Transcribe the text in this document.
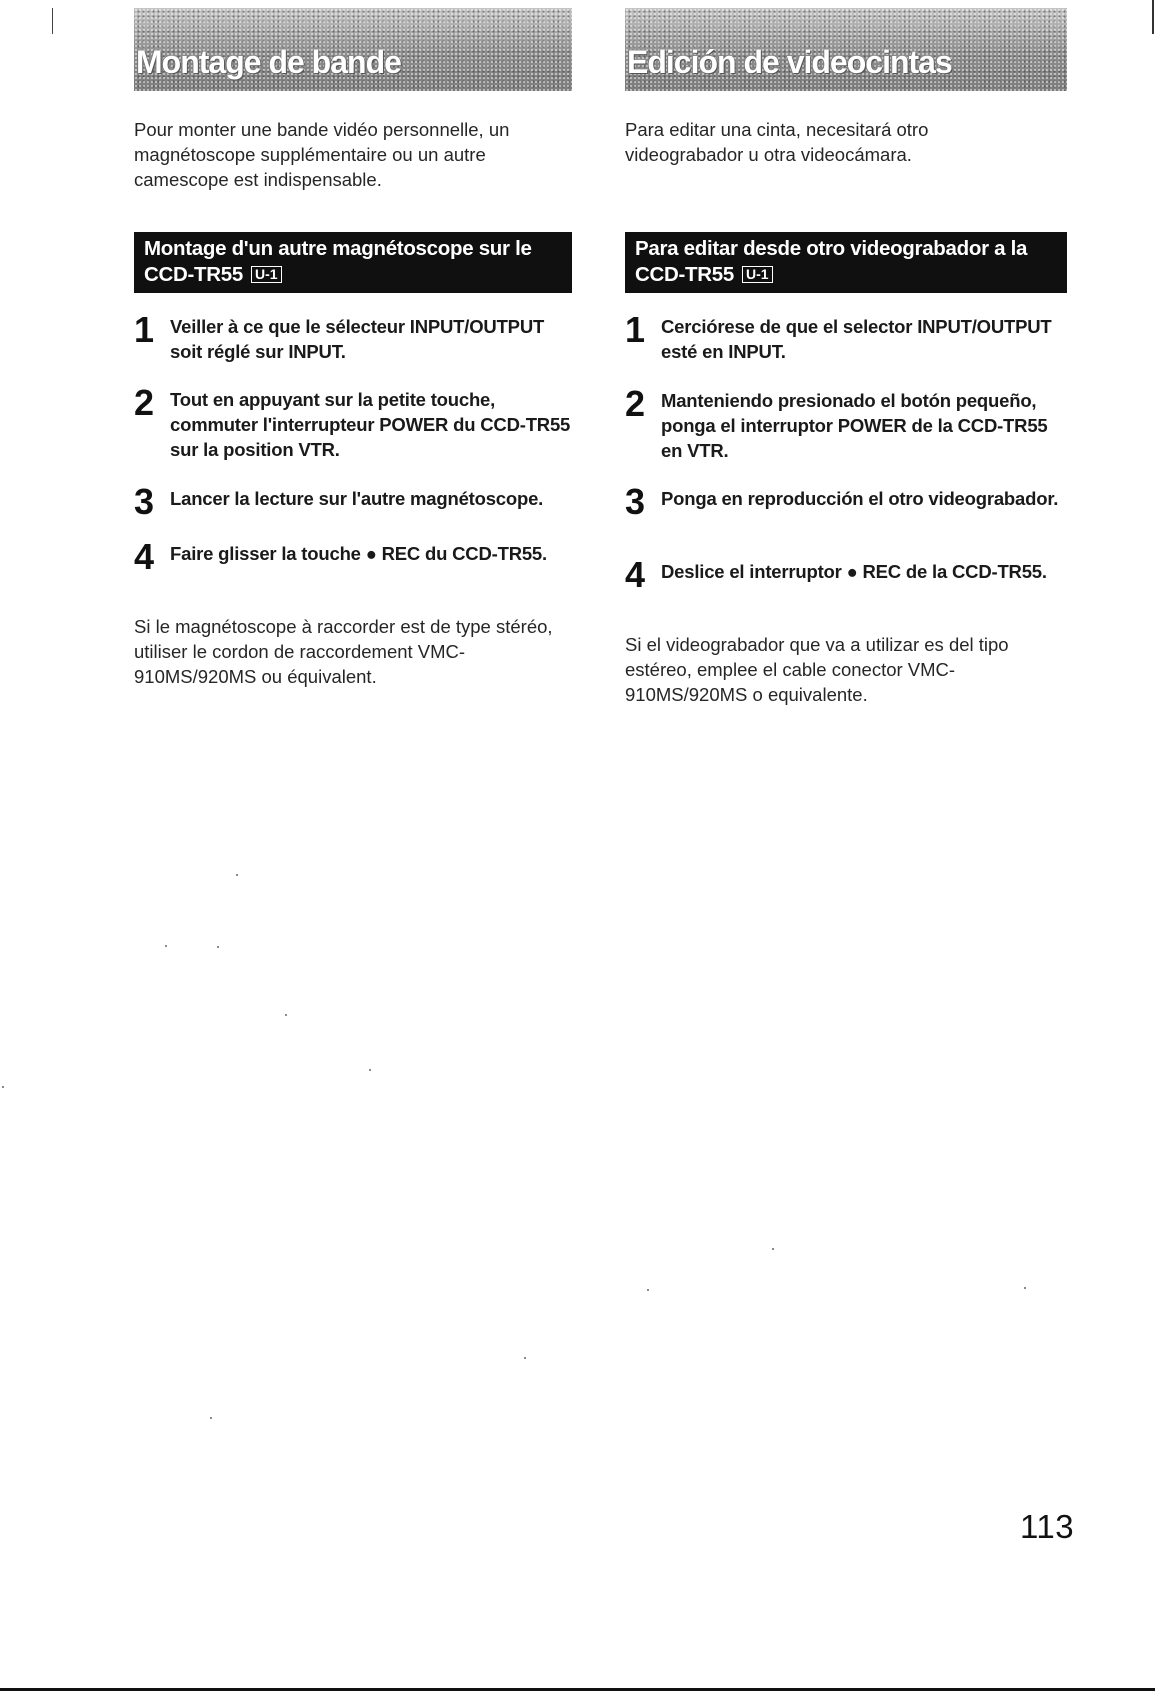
Montage de bande

Pour monter une bande vidéo personnelle, un magnétoscope supplémentaire ou un autre camescope est indispensable.

Montage d'un autre magnétoscope sur le CCD-TR55 U-1
1 Veiller à ce que le sélecteur INPUT/OUTPUT soit réglé sur INPUT.
2 Tout en appuyant sur la petite touche, commuter l'interrupteur POWER du CCD-TR55 sur la position VTR.
3 Lancer la lecture sur l'autre magnétoscope.
4 Faire glisser la touche ● REC du CCD-TR55.

Si le magnétoscope à raccorder est de type stéréo, utiliser le cordon de raccordement VMC-910MS/920MS ou équivalent.

Edición de videocintas

Para editar una cinta, necesitará otro videograbador u otra videocámara.

Para editar desde otro videograbador a la CCD-TR55 U-1
1 Cerciórese de que el selector INPUT/OUTPUT esté en INPUT.
2 Manteniendo presionado el botón pequeño, ponga el interruptor POWER de la CCD-TR55 en VTR.
3 Ponga en reproducción el otro videograbador.
4 Deslice el interruptor ● REC de la CCD-TR55.

Si el videograbador que va a utilizar es del tipo estéreo, emplee el cable conector VMC-910MS/920MS o equivalente.

113
